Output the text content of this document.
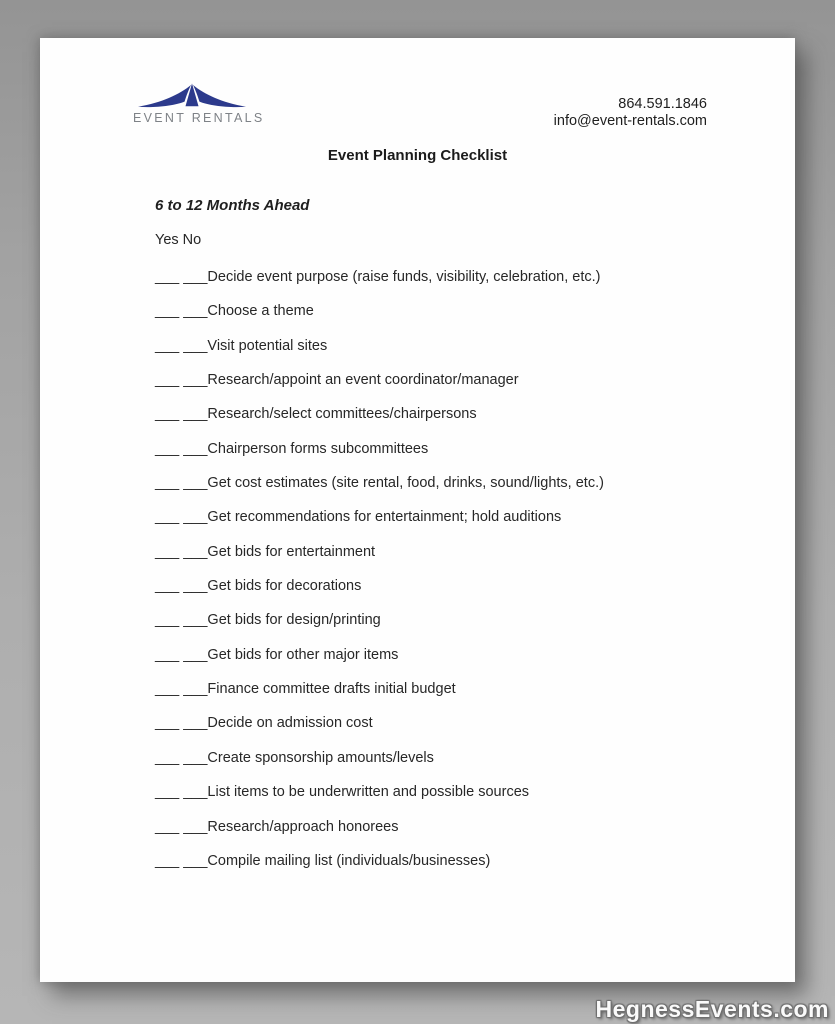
EVENT RENTALS
864.591.1846
info@event-rentals.com
Event Planning Checklist
6 to 12 Months Ahead
Yes No
___ ___Decide event purpose (raise funds, visibility, celebration, etc.)
___ ___Choose a theme
___ ___Visit potential sites
___ ___Research/appoint an event coordinator/manager
___ ___Research/select committees/chairpersons
___ ___Chairperson forms subcommittees
___ ___Get cost estimates (site rental, food, drinks, sound/lights, etc.)
___ ___Get recommendations for entertainment; hold auditions
___ ___Get bids for entertainment
___ ___Get bids for decorations
___ ___Get bids for design/printing
___ ___Get bids for other major items
___ ___Finance committee drafts initial budget
___ ___Decide on admission cost
___ ___Create sponsorship amounts/levels
___ ___List items to be underwritten and possible sources
___ ___Research/approach honorees
___ ___Compile mailing list (individuals/businesses)
HegnessEvents.com
